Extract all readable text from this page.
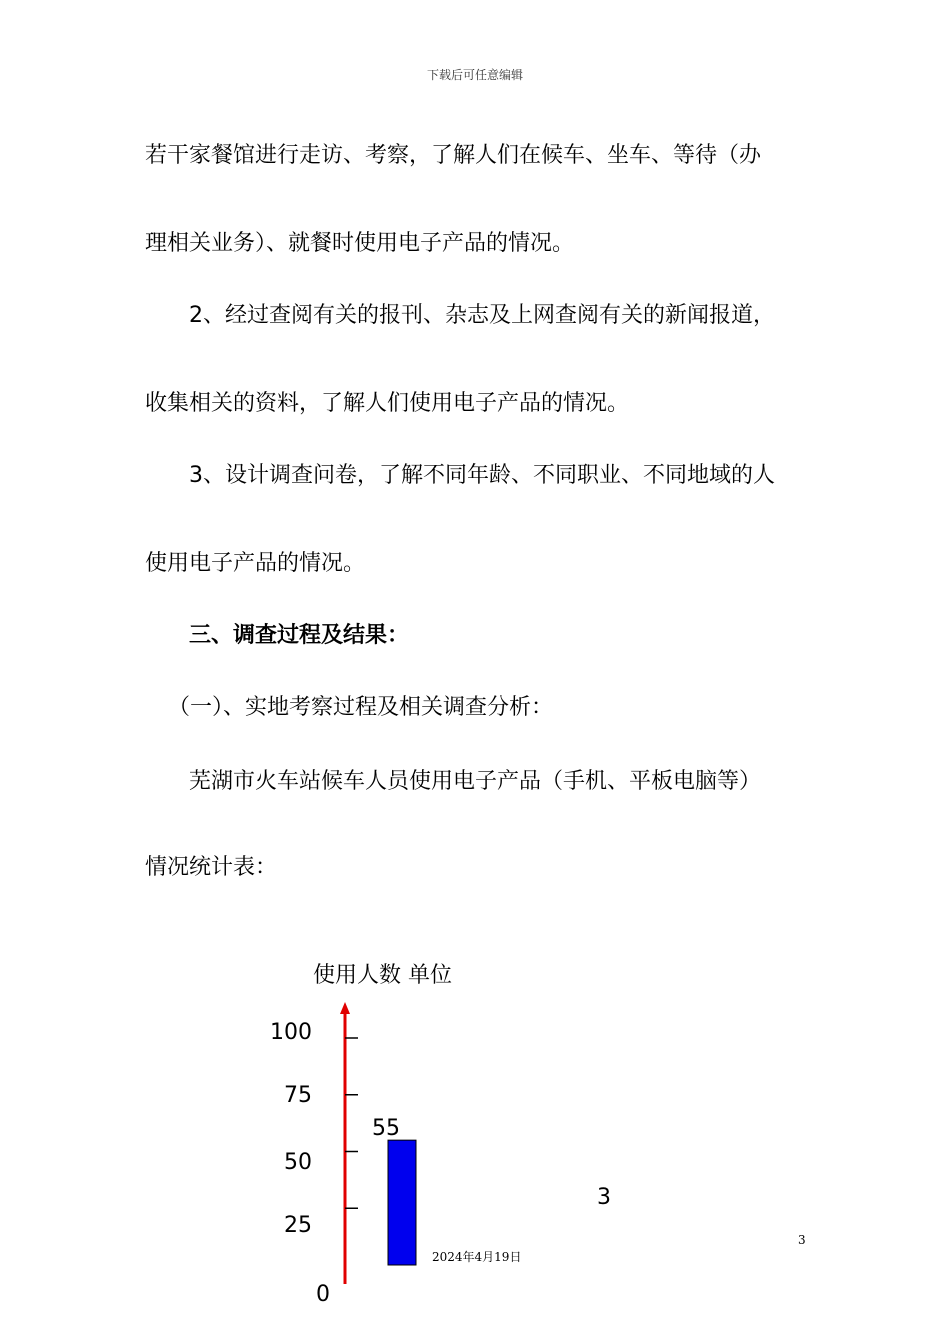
下载后可任意编辑
若干家餐馆进行走访、考察，了解人们在候车、坐车、等待（办
理相关业务）、就餐时使用电子产品的情况。
2、经过查阅有关的报刊、杂志及上网查阅有关的新闻报道，
收集相关的资料，了解人们使用电子产品的情况。
3、设计调查问卷，了解不同年龄、不同职业、不同地域的人
使用电子产品的情况。
三、调查过程及结果：
（一）、实地考察过程及相关调查分析：
芜湖市火车站候车人员使用电子产品（手机、平板电脑等）
情况统计表：
使用人数 单位
100
75
50
25
0
55
2024年4月19日
3
3
